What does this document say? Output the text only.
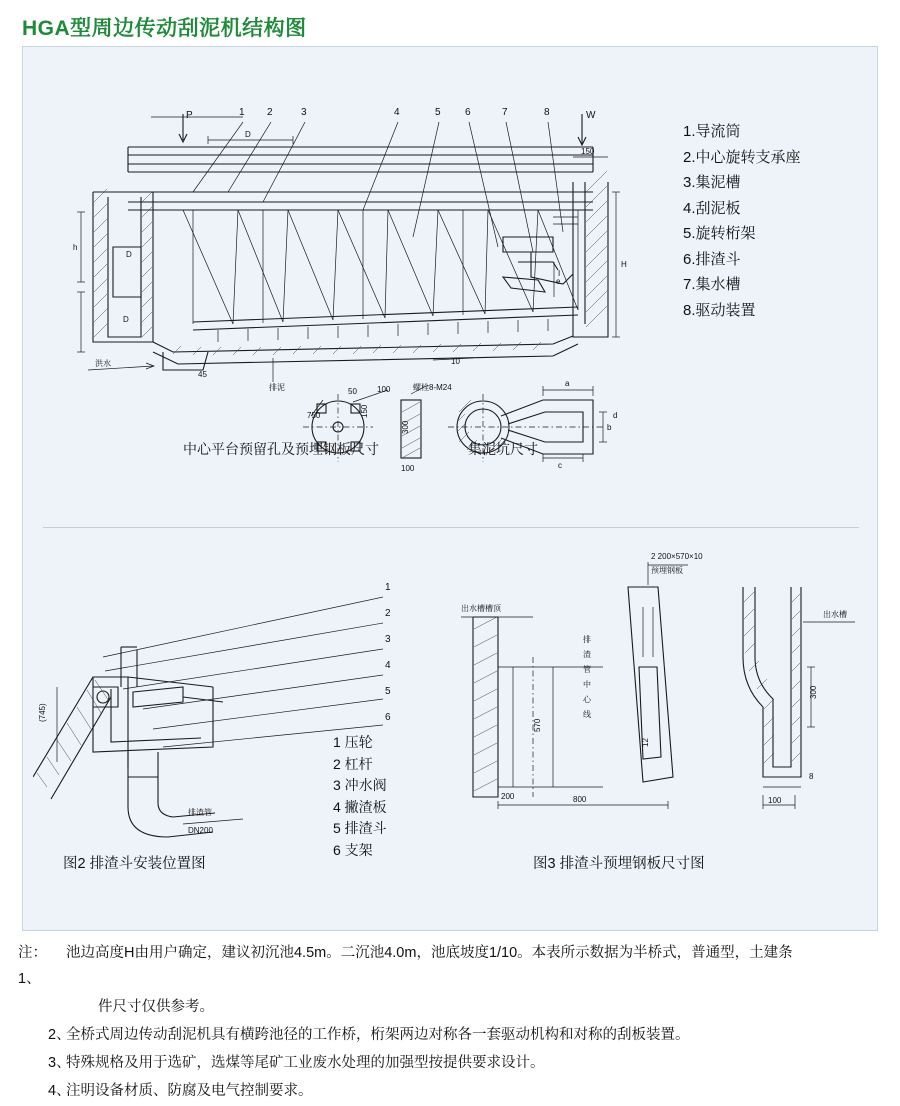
HGA型周边传动刮泥机结构图
1 2	3	4	5 6	7	8
P	W
D
150
h
D
D
e
I
10
45
洪水
排泥
H
50	100
750	150
300
100
螺栓8-M24	a
b
d
c
中心平台预留孔及预埋钢板尺寸	集泥坑尺寸
1.导流筒
2.中心旋转支承座
3.集泥槽
4.刮泥板
5.旋转桁架
6.排渣斗
7.集水槽
8.驱动装置
排渣管
DN200
(745)
1
2
3
4
5
6
1 压轮
2 杠杆
3 冲水阀
4 撇渣板
5 排渣斗
6 支架
出水槽槽顶
570
200	800
排
渣
管
中
心
线
2 200×570×10
预埋钢板
12
出水槽
300
8
100
图2 排渣斗安装位置图	图3 排渣斗预埋钢板尺寸图
注：1、
池边高度H由用户确定，建议初沉池4.5m。二沉池4.0m，池底坡度1/10。本表所示数据为半桥式，普通型，土建条
件尺寸仅供参考。
2、
全桥式周边传动刮泥机具有横跨池径的工作桥，桁架两边对称各一套驱动机构和对称的刮板装置。
3、
特殊规格及用于选矿，选煤等尾矿工业废水处理的加强型按提供要求设计。
4、
注明设备材质、防腐及电气控制要求。
